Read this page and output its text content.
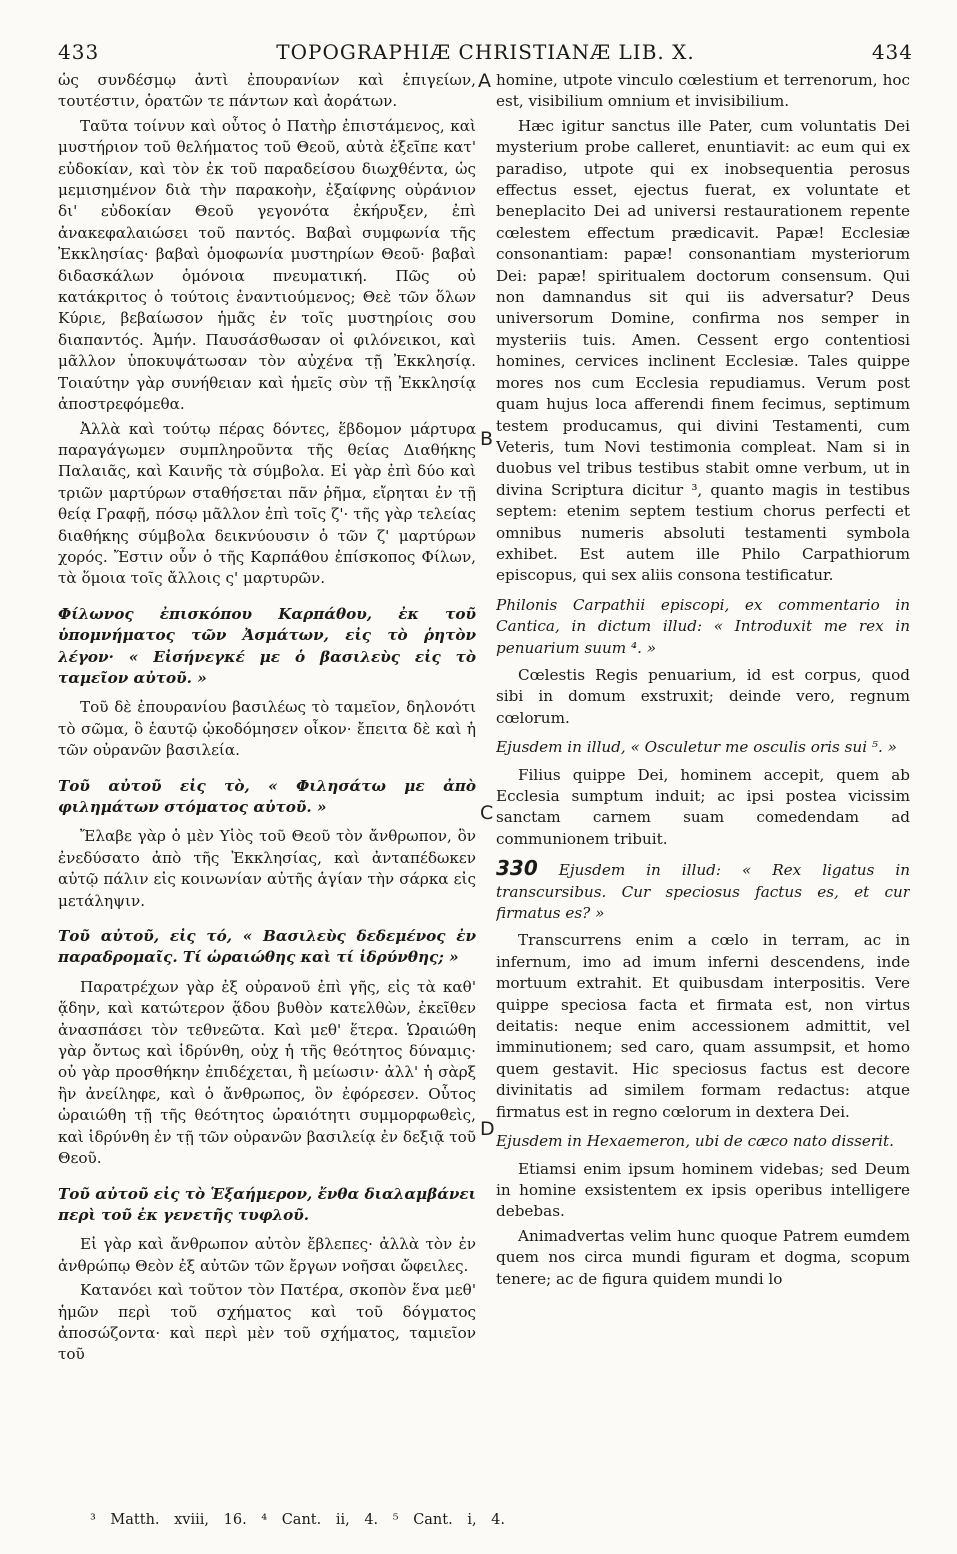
433	TOPOGRAPHIÆ CHRISTIANÆ LIB. X.	434
A
B
C
D

ὡς συνδέσμῳ ἀντὶ ἐπουρανίων καὶ ἐπιγείων, τουτέστιν, ὁρατῶν τε πάντων καὶ ἀοράτων.

Ταῦτα τοίνυν καὶ οὗτος ὁ Πατὴρ ἐπιστάμενος, καὶ μυστήριον τοῦ θελήματος τοῦ Θεοῦ, αὐτὰ ἐξεῖπε κατ' εὐδοκίαν, καὶ τὸν ἐκ τοῦ παραδείσου διωχθέντα, ὡς μεμισημένον διὰ τὴν παρακοὴν, ἐξαίφνης οὐράνιον δι' εὐδοκίαν Θεοῦ γεγονότα ἐκήρυξεν, ἐπὶ ἀνακεφαλαιώσει τοῦ παντός. Βαβαὶ συμφωνία τῆς Ἐκκλησίας· βαβαὶ ὁμοφωνία μυστηρίων Θεοῦ· βαβαὶ διδασκάλων ὁμόνοια πνευματική. Πῶς οὐ κατάκριτος ὁ τούτοις ἐναντιούμενος; Θεὲ τῶν ὅλων Κύριε, βεβαίωσον ἡμᾶς ἐν τοῖς μυστηρίοις σου διαπαντός. Ἀμήν. Παυσάσθωσαν οἱ φιλόνεικοι, καὶ μᾶλλον ὑποκυψάτωσαν τὸν αὐχένα τῇ Ἐκκλησίᾳ. Τοιαύτην γὰρ συνήθειαν καὶ ἡμεῖς σὺν τῇ Ἐκκλησίᾳ ἀποστρεφόμεθα.

Ἀλλὰ καὶ τούτῳ πέρας δόντες, ἕβδομον μάρτυρα παραγάγωμεν συμπληροῦντα τῆς θείας Διαθήκης Παλαιᾶς, καὶ Καινῆς τὰ σύμβολα. Εἰ γὰρ ἐπὶ δύο καὶ τριῶν μαρτύρων σταθήσεται πᾶν ῥῆμα, εἴρηται ἐν τῇ θείᾳ Γραφῇ, πόσῳ μᾶλλον ἐπὶ τοῖς ζ'· τῆς γὰρ τελείας διαθήκης σύμβολα δεικνύουσιν ὁ τῶν ζ' μαρτύρων χορός. Ἔστιν οὖν ὁ τῆς Καρπάθου ἐπίσκοπος Φίλων, τὰ ὅμοια τοῖς ἄλλοις ς' μαρτυρῶν.

Φίλωνος ἐπισκόπου Καρπάθου, ἐκ τοῦ ὑπομνήματος τῶν Ἀσμάτων, εἰς τὸ ῥητὸν λέγον· « Εἰσήνεγκέ με ὁ βασιλεὺς εἰς τὸ ταμεῖον αὐτοῦ. »

Τοῦ δὲ ἐπουρανίου βασιλέως τὸ ταμεῖον, δηλονότι τὸ σῶμα, ὃ ἑαυτῷ ᾠκοδόμησεν οἶκον· ἔπειτα δὲ καὶ ἡ τῶν οὐρανῶν βασιλεία.

Τοῦ αὐτοῦ εἰς τὸ, « Φιλησάτω με ἀπὸ φιλημάτων στόματος αὐτοῦ. »

Ἔλαβε γὰρ ὁ μὲν Υἱὸς τοῦ Θεοῦ τὸν ἄνθρωπον, ὃν ἐνεδύσατο ἀπὸ τῆς Ἐκκλησίας, καὶ ἀνταπέδωκεν αὐτῷ πάλιν εἰς κοινωνίαν αὐτῆς ἁγίαν τὴν σάρκα εἰς μετάληψιν.

Τοῦ αὐτοῦ, εἰς τό, « Βασιλεὺς δεδεμένος ἐν παραδρομαῖς. Τί ὡραιώθης καὶ τί ἱδρύνθης; »

Παρατρέχων γὰρ ἐξ οὐρανοῦ ἐπὶ γῆς, εἰς τὰ καθ' ᾅδην, καὶ κατώτερον ᾅδου βυθὸν κατελθὼν, ἐκεῖθεν ἀνασπάσει τὸν τεθνεῶτα. Καὶ μεθ' ἕτερα. Ὡραιώθη γὰρ ὄντως καὶ ἱδρύνθη, οὐχ ἡ τῆς θεότητος δύναμις· οὐ γὰρ προσθήκην ἐπιδέχεται, ἢ μείωσιν· ἀλλ' ἡ σὰρξ ἣν ἀνείληφε, καὶ ὁ ἄνθρωπος, ὃν ἐφόρεσεν. Οὗτος ὡραιώθη τῇ τῆς θεότητος ὡραιότητι συμμορφωθεὶς, καὶ ἱδρύνθη ἐν τῇ τῶν οὐρανῶν βασιλείᾳ ἐν δεξιᾷ τοῦ Θεοῦ.

Τοῦ αὐτοῦ εἰς τὸ Ἑξαήμερον, ἔνθα διαλαμβάνει περὶ τοῦ ἐκ γενετῆς τυφλοῦ.

Εἰ γὰρ καὶ ἄνθρωπον αὐτὸν ἔβλεπες· ἀλλὰ τὸν ἐν ἀνθρώπῳ Θεὸν ἐξ αὐτῶν τῶν ἔργων νοῆσαι ὤφειλες.

Κατανόει καὶ τοῦτον τὸν Πατέρα, σκοπὸν ἕνα μεθ' ἡμῶν περὶ τοῦ σχήματος καὶ τοῦ δόγματος ἀποσώζοντα· καὶ περὶ μὲν τοῦ σχήματος, ταμιεῖον τοῦ

homine, utpote vinculo cœlestium et terrenorum, hoc est, visibilium omnium et invisibilium.

Hæc igitur sanctus ille Pater, cum voluntatis Dei mysterium probe calleret, enuntiavit: ac eum qui ex paradiso, utpote qui ex inobsequentia perosus effectus esset, ejectus fuerat, ex voluntate et beneplacito Dei ad universi restaurationem repente cœlestem effectum prædicavit. Papæ! Ecclesiæ consonantiam: papæ! consonantiam mysteriorum Dei: papæ! spiritualem doctorum consensum. Qui non damnandus sit qui iis adversatur? Deus universorum Domine, confirma nos semper in mysteriis tuis. Amen. Cessent ergo contentiosi homines, cervices inclinent Ecclesiæ. Tales quippe mores nos cum Ecclesia repudiamus. Verum post quam hujus loca afferendi finem fecimus, septimum testem producamus, qui divini Testamenti, cum Veteris, tum Novi testimonia compleat. Nam si in duobus vel tribus testibus stabit omne verbum, ut in divina Scriptura dicitur ³, quanto magis in testibus septem: etenim septem testium chorus perfecti et omnibus numeris absoluti testamenti symbola exhibet. Est autem ille Philo Carpathiorum episcopus, qui sex aliis consona testificatur.

Philonis Carpathii episcopi, ex commentario in Cantica, in dictum illud: « Introduxit me rex in penuarium suum ⁴. »

Cœlestis Regis penuarium, id est corpus, quod sibi in domum exstruxit; deinde vero, regnum cœlorum.

Ejusdem in illud, « Osculetur me osculis oris sui ⁵. »

Filius quippe Dei, hominem accepit, quem ab Ecclesia sumptum induit; ac ipsi postea vicissim sanctam carnem suam comedendam ad communionem tribuit.

330 Ejusdem in illud: « Rex ligatus in transcursibus. Cur speciosus factus es, et cur firmatus es? »

Transcurrens enim a cœlo in terram, ac in infernum, imo ad imum inferni descendens, inde mortuum extrahit. Et quibusdam interpositis. Vere quippe speciosa facta et firmata est, non virtus deitatis: neque enim accessionem admittit, vel imminutionem; sed caro, quam assumpsit, et homo quem gestavit. Hic speciosus factus est decore divinitatis ad similem formam redactus: atque firmatus est in regno cœlorum in dextera Dei.

Ejusdem in Hexaemeron, ubi de cæco nato disserit.

Etiamsi enim ipsum hominem videbas; sed Deum in homine exsistentem ex ipsis operibus intelligere debebas.

Animadvertas velim hunc quoque Patrem eumdem quem nos circa mundi figuram et dogma, scopum tenere; ac de figura quidem mundi lo

³ Matth. xviii, 16. ⁴ Cant. ii, 4. ⁵ Cant. i, 4.
